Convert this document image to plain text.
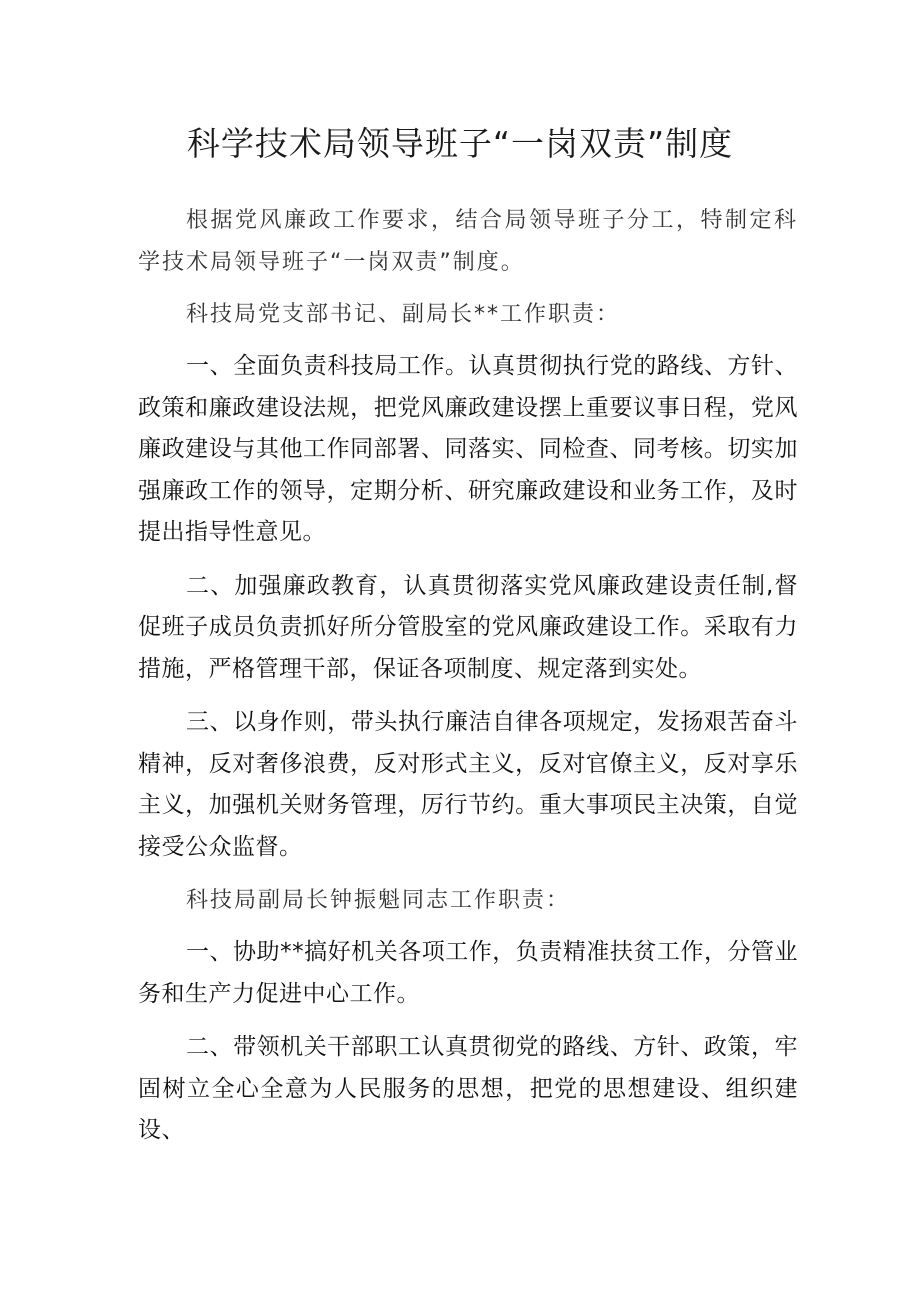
科学技术局领导班子“一岗双责”制度

根据党风廉政工作要求，结合局领导班子分工，特制定科学技术局领导班子“一岗双责”制度。

科技局党支部书记、副局长**工作职责：

一、全面负责科技局工作。认真贯彻执行党的路线、方针、政策和廉政建设法规，把党风廉政建设摆上重要议事日程，党风廉政建设与其他工作同部署、同落实、同检查、同考核。切实加强廉政工作的领导，定期分析、研究廉政建设和业务工作，及时提出指导性意见。

二、加强廉政教育，认真贯彻落实党风廉政建设责任制,督促班子成员负责抓好所分管股室的党风廉政建设工作。采取有力措施，严格管理干部，保证各项制度、规定落到实处。

三、以身作则，带头执行廉洁自律各项规定，发扬艰苦奋斗精神，反对奢侈浪费，反对形式主义，反对官僚主义，反对享乐主义，加强机关财务管理，厉行节约。重大事项民主决策，自觉接受公众监督。

科技局副局长钟振魁同志工作职责：

一、协助**搞好机关各项工作，负责精准扶贫工作，分管业务和生产力促进中心工作。

二、带领机关干部职工认真贯彻党的路线、方针、政策，牢固树立全心全意为人民服务的思想，把党的思想建设、组织建设、
